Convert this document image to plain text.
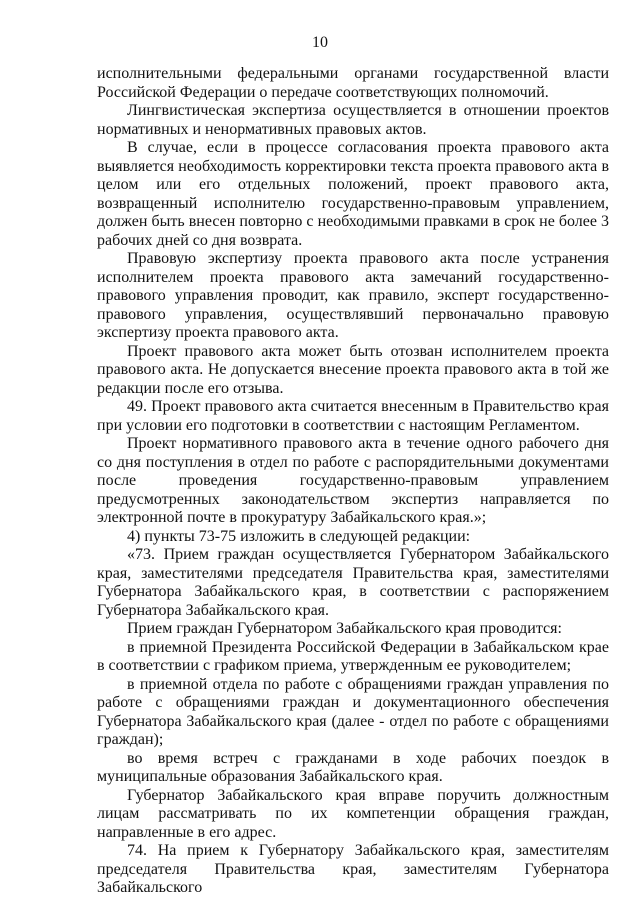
10

исполнительными федеральными органами государственной власти Российской Федерации о передаче соответствующих полномочий.

Лингвистическая экспертиза осуществляется в отношении проектов нормативных и ненормативных правовых актов.

В случае, если в процессе согласования проекта правового акта выявляется необходимость корректировки текста проекта правового акта в целом или его отдельных положений, проект правового акта, возвращенный исполнителю государственно-правовым управлением, должен быть внесен повторно с необходимыми правками в срок не более 3 рабочих дней со дня возврата.

Правовую экспертизу проекта правового акта после устранения исполнителем проекта правового акта замечаний государственно-правового управления проводит, как правило, эксперт государственно-правового управления, осуществлявший первоначально правовую экспертизу проекта правового акта.

Проект правового акта может быть отозван исполнителем проекта правового акта. Не допускается внесение проекта правового акта в той же редакции после его отзыва.

49. Проект правового акта считается внесенным в Правительство края при условии его подготовки в соответствии с настоящим Регламентом.

Проект нормативного правового акта в течение одного рабочего дня со дня поступления в отдел по работе с распорядительными документами после проведения государственно-правовым управлением предусмотренных законодательством экспертиз направляется по электронной почте в прокуратуру Забайкальского края.»;

4) пункты 73-75 изложить в следующей редакции:

«73. Прием граждан осуществляется Губернатором Забайкальского края, заместителями председателя Правительства края, заместителями Губернатора Забайкальского края, в соответствии с распоряжением Губернатора Забайкальского края.

Прием граждан Губернатором Забайкальского края проводится:

в приемной Президента Российской Федерации в Забайкальском крае в соответствии с графиком приема, утвержденным ее руководителем;

в приемной отдела по работе с обращениями граждан управления по работе с обращениями граждан и документационного обеспечения Губернатора Забайкальского края (далее - отдел по работе с обращениями граждан);

во время встреч с гражданами в ходе рабочих поездок в муниципальные образования Забайкальского края.

Губернатор Забайкальского края вправе поручить должностным лицам рассматривать по их компетенции обращения граждан, направленные в его адрес.

74. На прием к Губернатору Забайкальского края, заместителям председателя Правительства края, заместителям Губернатора Забайкальского
